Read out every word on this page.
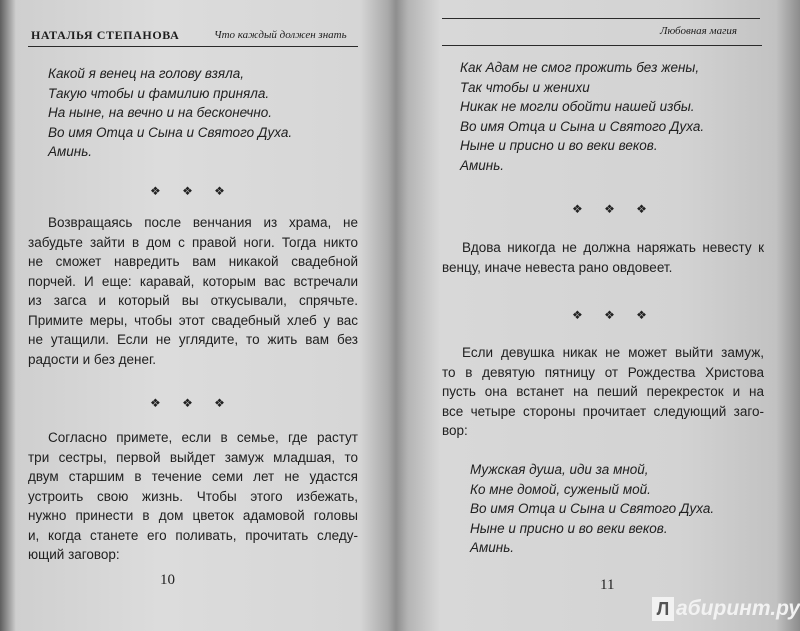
НАТАЛЬЯ СТЕПАНОВА	Что каждый должен знать
Какой я венец на голову взяла,
Такую чтобы и фамилию приняла.
На ныне, на вечно и на бесконечно.
Во имя Отца и Сына и Святого Духа.
Аминь.
❖ ❖ ❖
Возвращаясь после венчания из храма, не
забудьте зайти в дом с правой ноги. Тогда никто
не сможет навредить вам никакой свадебной
порчей. И еще: каравай, которым вас встречали
из загса и который вы откусывали, спрячьте.
Примите меры, чтобы этот свадебный хлеб у вас
не утащили. Если не углядите, то жить вам без
радости и без денег.
❖ ❖ ❖
Согласно примете, если в семье, где растут
три сестры, первой выйдет замуж младшая, то
двум старшим в течение семи лет не удастся
устроить свою жизнь. Чтобы этого избежать,
нужно принести в дом цветок адамовой головы
и, когда станете его поливать, прочитать следу-
ющий заговор:
10
Любовная магия
Как Адам не смог прожить без жены,
Так чтобы и женихи
Никак не могли обойти нашей избы.
Во имя Отца и Сына и Святого Духа.
Ныне и присно и во веки веков.
Аминь.
❖ ❖ ❖
Вдова никогда не должна наряжать невесту к
венцу, иначе невеста рано овдовеет.
❖ ❖ ❖
Если девушка никак не может выйти замуж,
то в девятую пятницу от Рождества Христова
пусть она встанет на пеший перекресток и на
все четыре стороны прочитает следующий заго-
вор:
Мужская душа, иди за мной,
Ко мне домой, суженый мой.
Во имя Отца и Сына и Святого Духа.
Ныне и присно и во веки веков.
Аминь.
11
Л абиринт.ру
